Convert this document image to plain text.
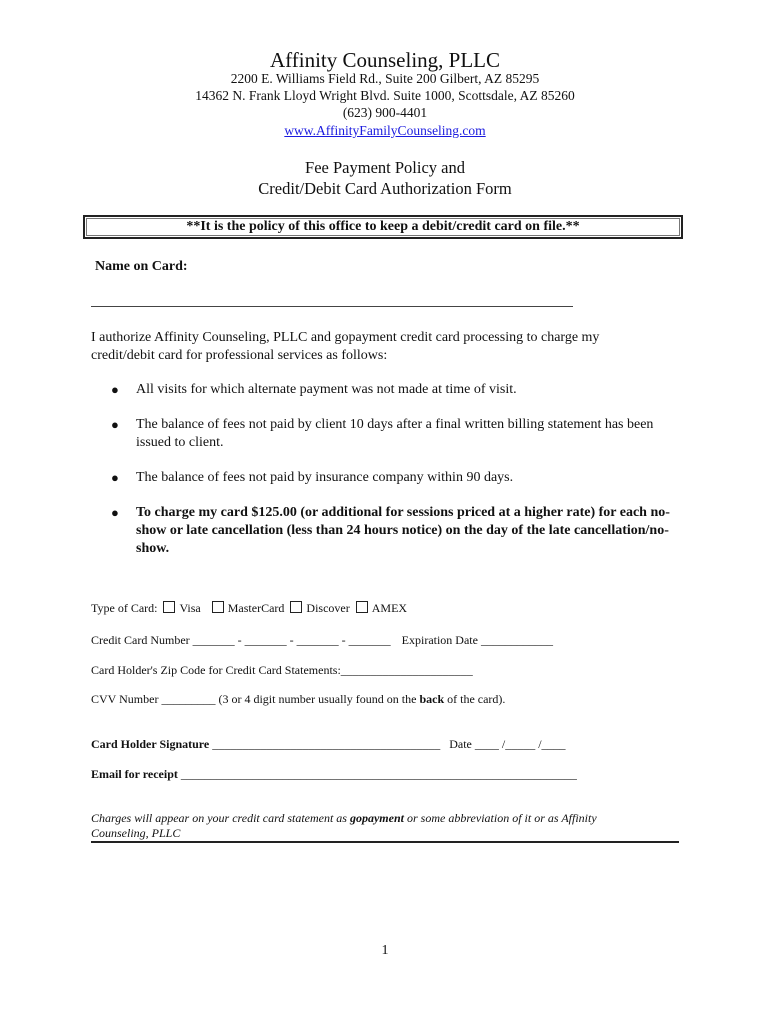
Affinity Counseling, PLLC
2200 E. Williams Field Rd., Suite 200 Gilbert, AZ 85295
14362 N. Frank Lloyd Wright Blvd. Suite 1000, Scottsdale, AZ 85260
(623) 900-4401
www.AffinityFamilyCounseling.com
Fee Payment Policy and
Credit/Debit Card Authorization Form
**It is the policy of this office to keep a debit/credit card on file.**
Name on Card:
I authorize Affinity Counseling, PLLC and gopayment credit card processing to charge my credit/debit card for professional services as follows:
● All visits for which alternate payment was not made at time of visit.
● The balance of fees not paid by client 10 days after a final written billing statement has been issued to client.
● The balance of fees not paid by insurance company within 90 days.
● To charge my card $125.00 (or additional for sessions priced at a higher rate) for each no-show or late cancellation (less than 24 hours notice) on the day of the late cancellation/no-show.
Type of Card: Visa MasterCard Discover AMEX
Credit Card Number _______ - _______ - _______ - _______ Expiration Date ____________
Card Holder's Zip Code for Credit Card Statements:______________________
CVV Number _________ (3 or 4 digit number usually found on the back of the card).
Card Holder Signature ______________________________________ Date ____ /_____ /____
Email for receipt __________________________________________________________________
Charges will appear on your credit card statement as gopayment or some abbreviation of it or as Affinity Counseling, PLLC
1
